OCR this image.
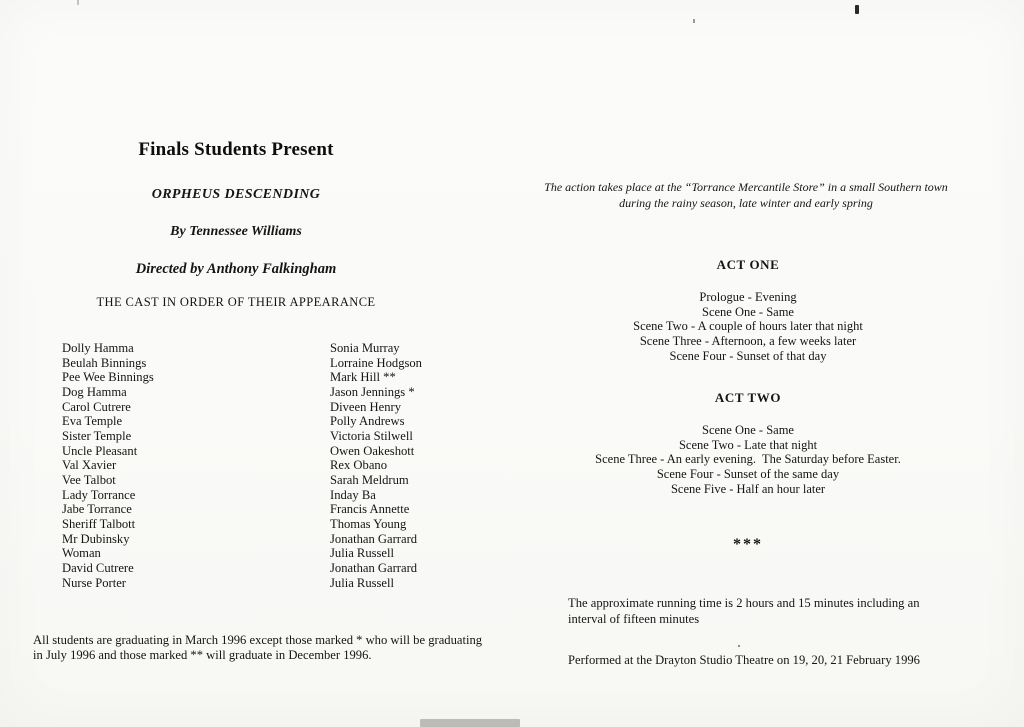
Finals Students Present
ORPHEUS DESCENDING
By Tennessee Williams
Directed by Anthony Falkingham
THE CAST IN ORDER OF THEIR APPEARANCE
Dolly Hamma	Sonia Murray
Beulah Binnings	Lorraine Hodgson
Pee Wee Binnings	Mark Hill **
Dog Hamma	Jason Jennings *
Carol Cutrere	Diveen Henry
Eva Temple	Polly Andrews
Sister Temple	Victoria Stilwell
Uncle Pleasant	Owen Oakeshott
Val Xavier	Rex Obano
Vee Talbot	Sarah Meldrum
Lady Torrance	Inday Ba
Jabe Torrance	Francis Annette
Sheriff Talbott	Thomas Young
Mr Dubinsky	Jonathan Garrard
Woman	Julia Russell
David Cutrere	Jonathan Garrard
Nurse Porter	Julia Russell
All students are graduating in March 1996 except those marked * who will be graduating in July 1996 and those marked ** will graduate in December 1996.
The action takes place at the “Torrance Mercantile Store” in a small Southern town during the rainy season, late winter and early spring
ACT ONE
Prologue - Evening
Scene One - Same
Scene Two - A couple of hours later that night
Scene Three - Afternoon, a few weeks later
Scene Four - Sunset of that day
ACT TWO
Scene One - Same
Scene Two - Late that night
Scene Three - An early evening.  The Saturday before Easter.
Scene Four - Sunset of the same day
Scene Five - Half an hour later
***
The approximate running time is 2 hours and 15 minutes including an interval of fifteen minutes
Performed at the Drayton Studio Theatre on 19, 20, 21 February 1996
